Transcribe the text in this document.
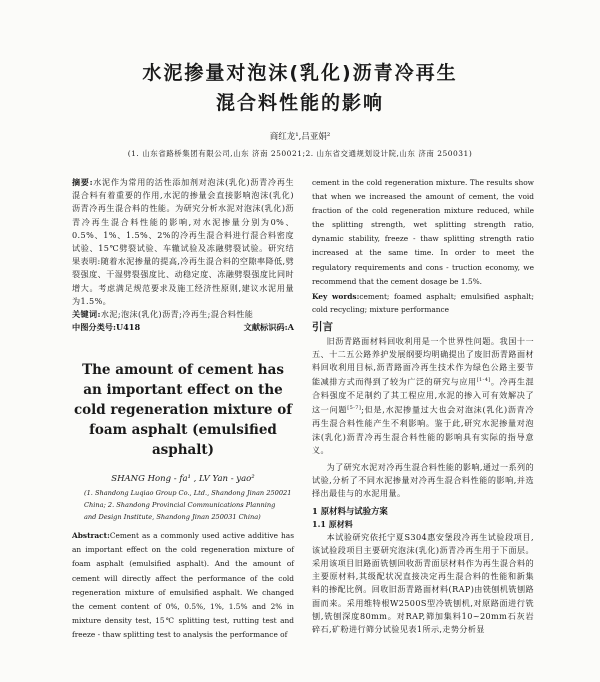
水泥掺量对泡沫(乳化)沥青冷再生
混合料性能的影响
商红龙¹,吕亚娟²
(1. 山东省路桥集团有限公司,山东 济南 250021;2. 山东省交通规划设计院,山东 济南 250031)

摘要:水泥作为常用的活性添加剂对泡沫(乳化)沥青冷再生混合料有着重要的作用,水泥的掺量会直接影响泡沫(乳化)沥青冷再生混合料的性能。为研究分析水泥对泡沫(乳化)沥青冷再生混合料性能的影响,对水泥掺量分别为0%、0.5%、1%、1.5%、2%的冷再生混合料进行混合料密度试验、15℃劈裂试验、车辙试验及冻融劈裂试验。研究结果表明:随着水泥掺量的提高,冷再生混合料的空隙率降低,劈裂强度、干湿劈裂强度比、动稳定度、冻融劈裂强度比同时增大。考虑满足规范要求及施工经济性原则,建议水泥用量为1.5%。

关键词:水泥;泡沫(乳化)沥青;冷再生;混合料性能

中图分类号:U418	文献标识码:A
The amount of cement has an important effect on the cold regeneration mixture of foam asphalt (emulsified asphalt)
SHANG Hong - fa¹ , LV Yan - yao²
(1. Shandong Luqiao Group Co., Ltd., Shandong Jinan 250021
China; 2. Shandong Provincial Communications Planning
and Design Institute, Shandong Jinan 250031 China)

Abstract:Cement as a commonly used active additive has an important effect on the cold regeneration mixture of foam asphalt (emulsified asphalt). And the amount of cement will directly affect the performance of the cold regeneration mixture of emulsified asphalt. We changed the cement content of 0%, 0.5%, 1%, 1.5% and 2% in mixture density test, 15℃ splitting test, rutting test and freeze - thaw splitting test to analysis the performance of

cement in the cold regeneration mixture. The results show that when we increased the amount of cement, the void fraction of the cold regeneration mixture reduced, while the splitting strength, wet splitting strength ratio, dynamic stability, freeze - thaw splitting strength ratio increased at the same time. In order to meet the regulatory requirements and cons - truction economy, we recommend that the cement dosage be 1.5%.

Key words:cement; foamed asphalt; emulsified asphalt; cold recycling; mixture performance

引言

旧沥青路面材料回收利用是一个世界性问题。我国十一五、十二五公路养护发展纲要均明确提出了废旧沥青路面材料回收利用目标,沥青路面冷再生技术作为绿色公路主要节能减排方式而得到了较为广泛的研究与应用[1-4]。冷再生混合料强度不足制约了其工程应用,水泥的掺入可有效解决了这一问题[5-7];但是,水泥掺量过大也会对泡沫(乳化)沥青冷再生混合料性能产生不利影响。鉴于此,研究水泥掺量对泡沫(乳化)沥青冷再生混合料性能的影响具有实际的指导意义。

为了研究水泥对冷再生混合料性能的影响,通过一系列的试验,分析了不同水泥掺量对冷再生混合料性能的影响,并选择出最佳与的水泥用量。

1 原材料与试验方案
1.1 原材料

本试验研究依托宁夏S304惠安堡段冷再生试验段项目,该试验段项目主要研究泡沫(乳化)沥青冷再生用于下面层。采用该项目旧路面铣刨回收沥青面层材料作为再生混合料的主要原材料,其级配状况直接决定再生混合料的性能和新集料的掺配比例。回收旧沥青路面材料(RAP)由铣刨机铣刨路面而来。采用维特根W2500S型冷铣刨机,对原路面进行铣刨,铣刨深度80mm。对RAP,筛加集料10~20mm石灰岩碎石,矿粉进行筛分试验见表1所示,走势分析显
